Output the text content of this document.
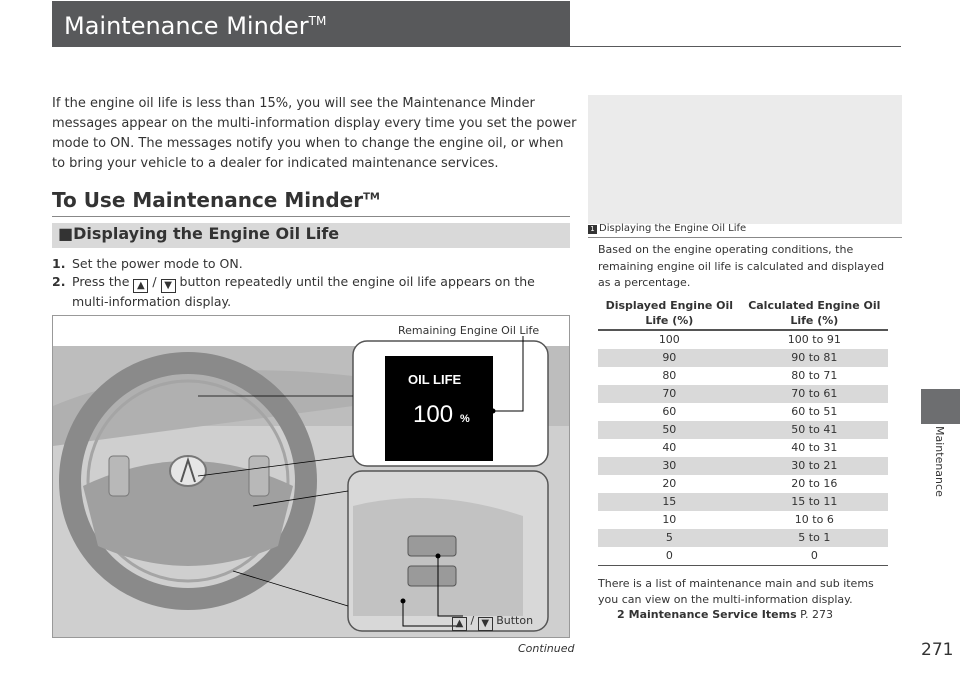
Maintenance Minder™
Maintenance

If the engine oil life is less than 15%, you will see the Maintenance Minder messages appear on the multi-information display every time you set the power mode to ON. The messages notify you when to change the engine oil, or when to bring your vehicle to a dealer for indicated maintenance services.

To Use Maintenance Minder™
■Displaying the Engine Oil Life
1. Set the power mode to ON.
2. Press the ▲ / ▼ button repeatedly until the engine oil life appears on the multi-information display.
OIL LIFE
100 %
Remaining Engine Oil Life
▲ / ▼ Button
1 Displaying the Engine Oil Life

Based on the engine operating conditions, the remaining engine oil life is calculated and displayed as a percentage.

Displayed Engine Oil Life (%)	Calculated Engine Oil Life (%)
100	100 to 91
90	90 to 81
80	80 to 71
70	70 to 61
60	60 to 51
50	50 to 41
40	40 to 31
30	30 to 21
20	20 to 16
15	15 to 11
10	10 to 6
5	5 to 1
0	0

There is a list of maintenance main and sub items you can view on the multi-information display.

2 Maintenance Service Items P. 273
Continued	271
